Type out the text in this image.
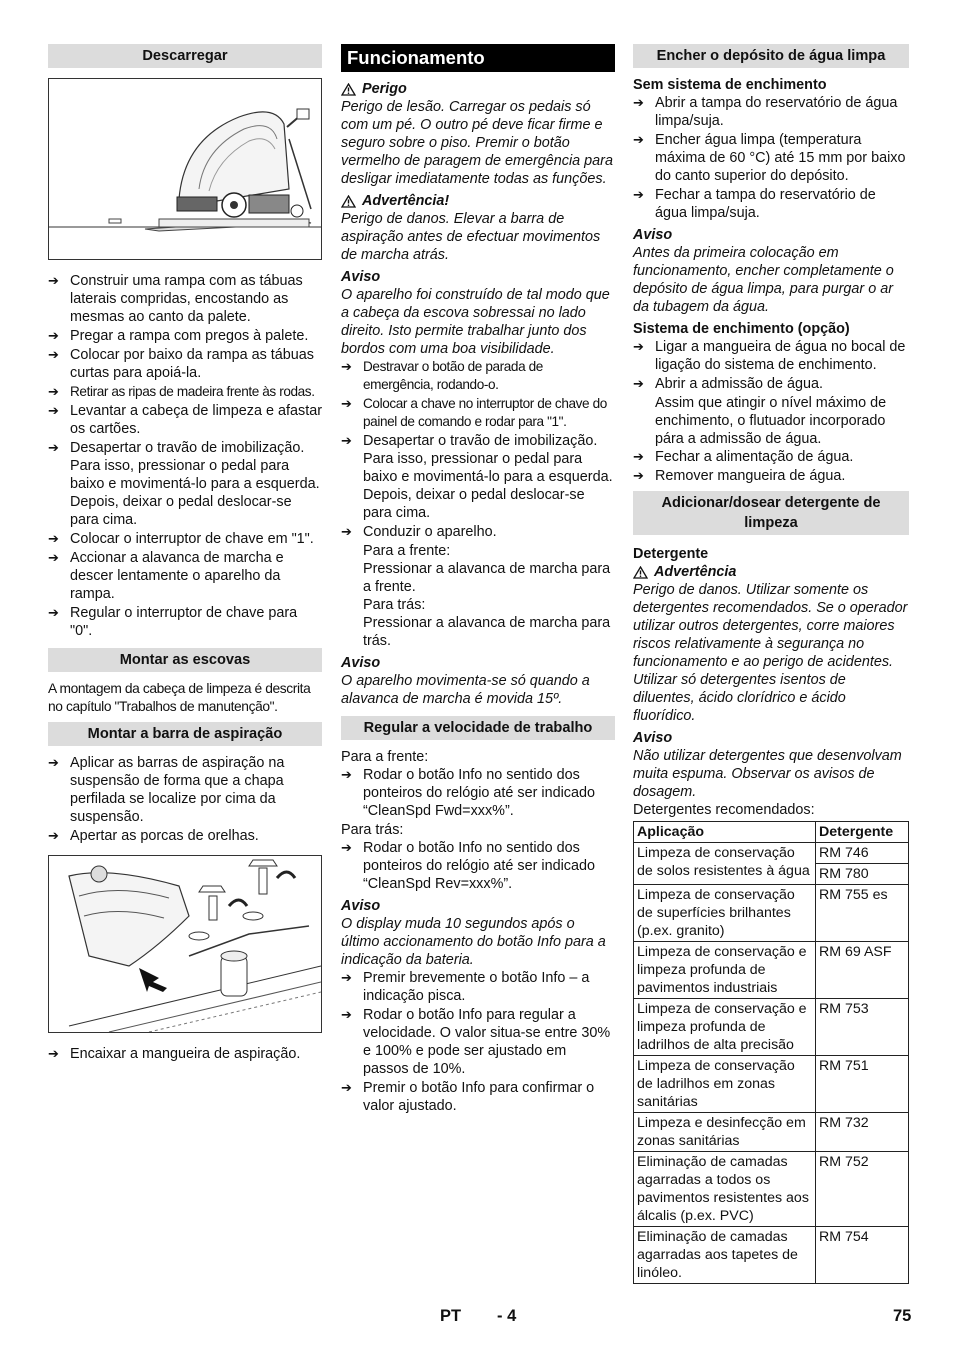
Descarregar
➔ Construir uma rampa com as tábuas laterais compridas, encostando as mesmas ao canto da palete.
➔ Pregar a rampa com pregos à palete.
➔ Colocar por baixo da rampa as tábuas curtas para apoiá-la.
➔ Retirar as ripas de madeira frente às rodas.
➔ Levantar a cabeça de limpeza e afastar os cartões.
➔ Desapertar o travão de imobilização. Para isso, pressionar o pedal para baixo e movimentá-lo para a esquerda. Depois, deixar o pedal deslocar-se para cima.
➔ Colocar o interruptor de chave em "1".
➔ Accionar a alavanca de marcha e descer lentamente o aparelho da rampa.
➔ Regular o interruptor de chave para "0".
Montar as escovas

A montagem da cabeça de limpeza é descrita no capítulo "Trabalhos de manutenção".

Montar a barra de aspiração
➔ Aplicar as barras de aspiração na suspensão de forma que a chapa perfilada se localize por cima da suspensão.
➔ Apertar as porcas de orelhas.
➔ Encaixar a mangueira de aspiração.
Funcionamento
Perigo

Perigo de lesão. Carregar os pedais só com um pé. O outro pé deve ficar firme e seguro sobre o piso. Premir o botão vermelho de paragem de emergência para desligar imediatamente todas as funções.

Advertência!

Perigo de danos. Elevar a barra de aspiração antes de efectuar movimentos de marcha atrás.

Aviso

O aparelho foi construído de tal modo que a cabeça da escova sobressai no lado direito. Isto permite trabalhar junto dos bordos com uma boa visibilidade.

➔ Destravar o botão de parada de emergência, rodando-o.
➔ Colocar a chave no interruptor de chave do painel de comando e rodar para "1".
➔ Desapertar o travão de imobilização. Para isso, pressionar o pedal para baixo e movimentá-lo para a esquerda. Depois, deixar o pedal deslocar-se para cima.
➔ Conduzir o aparelho.

Para a frente:

Pressionar a alavanca de marcha para a frente.

Para trás:

Pressionar a alavanca de marcha para trás.

Aviso

O aparelho movimenta-se só quando a alavanca de marcha é movida 15º.

Regular a velocidade de trabalho

Para a frente:

➔ Rodar o botão Info no sentido dos ponteiros do relógio até ser indicado “CleanSpd Fwd=xxx%”.

Para trás:

➔ Rodar o botão Info no sentido dos ponteiros do relógio até ser indicado “CleanSpd Rev=xxx%”.

Aviso

O display muda 10 segundos após o último accionamento do botão Info para a indicação da bateria.

➔ Premir brevemente o botão Info – a indicação pisca.
➔ Rodar o botão Info para regular a velocidade. O valor situa-se entre 30% e 100% e pode ser ajustado em passos de 10%.
➔ Premir o botão Info para confirmar o valor ajustado.
Encher o depósito de água limpa

Sem sistema de enchimento

➔ Abrir a tampa do reservatório de água limpa/suja.
➔ Encher água limpa (temperatura máxima de 60 °C) até 15 mm por baixo do canto superior do depósito.
➔ Fechar a tampa do reservatório de água limpa/suja.

Aviso

Antes da primeira colocação em funcionamento, encher completamente o depósito de água limpa, para purgar o ar da tubagem da água.

Sistema de enchimento (opção)

➔ Ligar a mangueira de água no bocal de ligação do sistema de enchimento.
➔ Abrir a admissão de água.

Assim que atingir o nível máximo de enchimento, o flutuador incorporado pára a admissão de água.

➔ Fechar a alimentação de água.
➔ Remover mangueira de água.
Adicionar/dosear detergente de limpeza

Detergente

Advertência

Perigo de danos. Utilizar somente os detergentes recomendados. Se o operador utilizar outros detergentes, corre maiores riscos relativamente à segurança no funcionamento e ao perigo de acidentes. Utilizar só detergentes isentos de diluentes, ácido clorídrico e ácido fluorídico.

Aviso

Não utilizar detergentes que desenvolvam muita espuma. Observar os avisos de dosagem.

Detergentes recomendados:

Aplicação	Detergente
Limpeza de conservação de solos resistentes à água	RM 746
	RM 780
Limpeza de conservação de superfícies brilhantes (p.ex. granito)	RM 755 es
Limpeza de conservação e limpeza profunda de pavimentos industriais	RM 69 ASF
Limpeza de conservação e limpeza profunda de ladrilhos de alta precisão	RM 753
Limpeza de conservação de ladrilhos em zonas sanitárias	RM 751
Limpeza e desinfecção em zonas sanitárias	RM 732
Eliminação de camadas agarradas a todos os pavimentos resistentes aos álcalis (p.ex. PVC)	RM 752
Eliminação de camadas agarradas aos tapetes de linóleo.	RM 754
PT - 4	75
